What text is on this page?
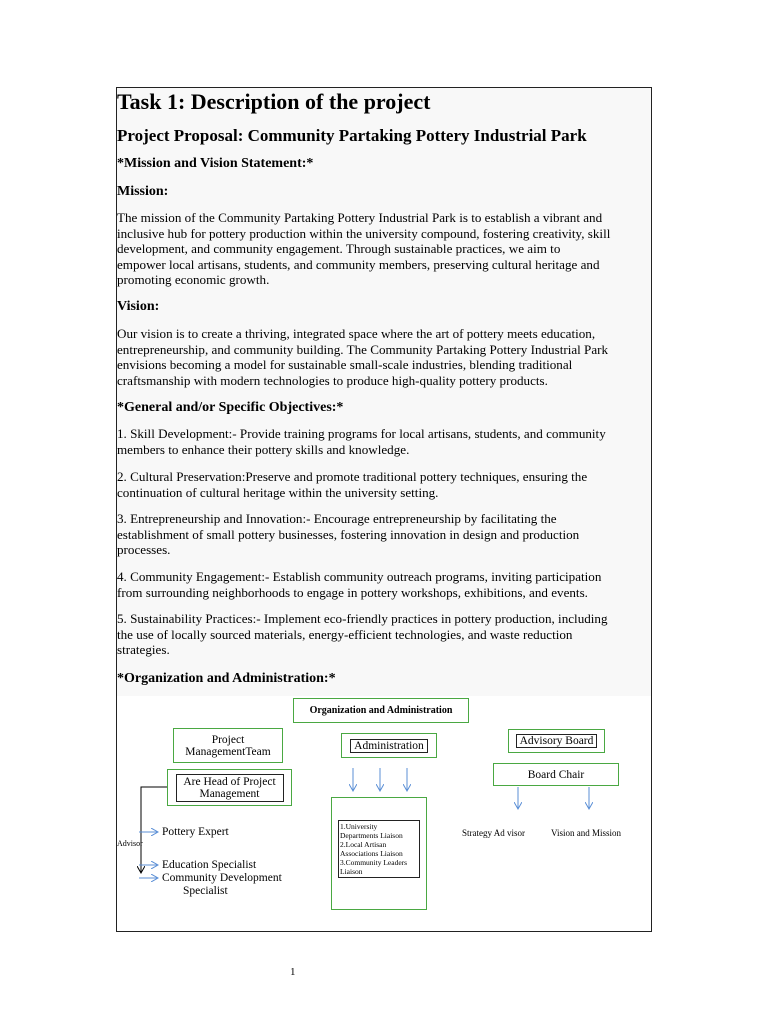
Task 1: Description of the project
Project Proposal: Community Partaking Pottery Industrial Park
*Mission and Vision Statement:*
Mission:
The mission of the Community Partaking Pottery Industrial Park is to establish a vibrant and
inclusive hub for pottery production within the university compound, fostering creativity, skill
development, and community engagement. Through sustainable practices, we aim to
empower local artisans, students, and community members, preserving cultural heritage and
promoting economic growth.
Vision:
Our vision is to create a thriving, integrated space where the art of pottery meets education,
entrepreneurship, and community building. The Community Partaking Pottery Industrial Park
envisions becoming a model for sustainable small-scale industries, blending traditional
craftsmanship with modern technologies to produce high-quality pottery products.
*General and/or Specific Objectives:*
1. Skill Development:- Provide training programs for local artisans, students, and community
members to enhance their pottery skills and knowledge.
2. Cultural Preservation:Preserve and promote traditional pottery techniques, ensuring the
continuation of cultural heritage within the university setting.
3. Entrepreneurship and Innovation:- Encourage entrepreneurship by facilitating the
establishment of small pottery businesses, fostering innovation in design and production
processes.
4. Community Engagement:- Establish community outreach programs, inviting participation
from surrounding neighborhoods to engage in pottery workshops, exhibitions, and events.
5. Sustainability Practices:- Implement eco-friendly practices in pottery production, including
the use of locally sourced materials, energy-efficient technologies, and waste reduction
strategies.
*Organization and Administration:*
Organization and Administration
Project ManagementTeam	Administration	Advisory Board
Are Head of Project Management
Board Chair
1.University
Departments Liaison
2.Local Artisan
Associations Liaison
3.Community Leaders
Liaison
Advisor
Pottery Expert
Education Specialist
Community Development
Specialist
Strategy Ad visor	Vision and Mission
1
